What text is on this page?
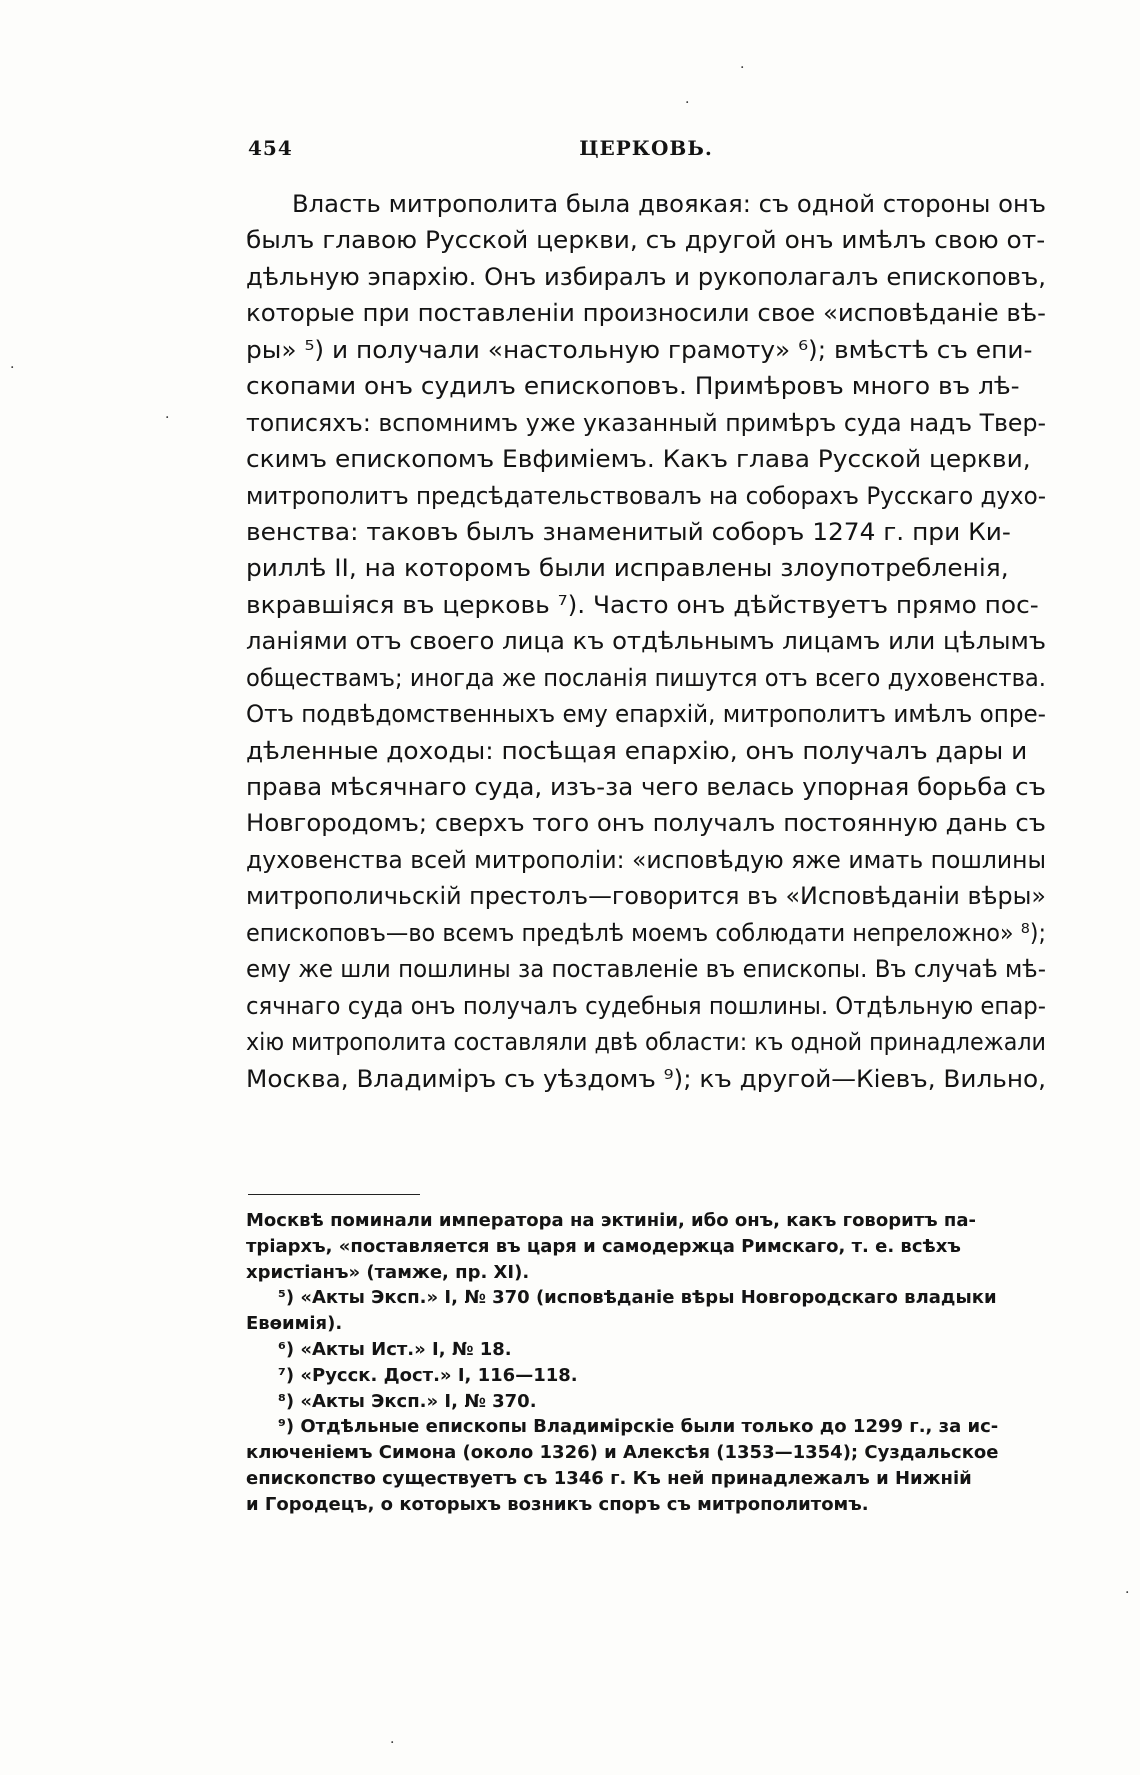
454	ЦЕРКОВЬ.
Власть митрополита была двоякая: съ одной стороны онъ
былъ главою Русской церкви, съ другой онъ имѣлъ свою от-
дѣльную эпархію. Онъ избиралъ и рукополагалъ епископовъ,
которые при поставленіи произносили свое «исповѣданіе вѣ-
ры» ⁵) и получали «настольную грамоту» ⁶); вмѣстѣ съ епи-
скопами онъ судилъ епископовъ. Примѣровъ много въ лѣ-
тописяхъ: вспомнимъ уже указанный примѣръ суда надъ Твер-
скимъ епископомъ Евфиміемъ. Какъ глава Русской церкви,
митрополитъ предсѣдательствовалъ на соборахъ Русскаго духо-
венства: таковъ былъ знаменитый соборъ 1274 г. при Ки-
риллѣ II, на которомъ были исправлены злоупотребленія,
вкравшіяся въ церковь ⁷). Часто онъ дѣйствуетъ прямо пос-
ланіями отъ своего лица къ отдѣльнымъ лицамъ или цѣлымъ
обществамъ; иногда же посланія пишутся отъ всего духовенства.
Отъ подвѣдомственныхъ ему епархій, митрополитъ имѣлъ опре-
дѣленные доходы: посѣщая епархію, онъ получалъ дары и
права мѣсячнаго суда, изъ-за чего велась упорная борьба съ
Новгородомъ; сверхъ того онъ получалъ постоянную дань съ
духовенства всей митрополіи: «исповѣдую яже имать пошлины
митрополичьскій престолъ—говорится въ «Исповѣданіи вѣры»
епископовъ—во всемъ предѣлѣ моемъ соблюдати непреложно» ⁸);
ему же шли пошлины за поставленіе въ епископы. Въ случаѣ мѣ-
сячнаго суда онъ получалъ судебныя пошлины. Отдѣльную епар-
хію митрополита составляли двѣ области: къ одной принадлежали
Москва, Владиміръ съ уѣздомъ ⁹); къ другой—Кіевъ, Вильно,
Москвѣ поминали императора на эктиніи, ибо онъ, какъ говоритъ па-
тріархъ, «поставляется въ царя и самодержца Римскаго, т. е. всѣхъ
христіанъ» (тамже, пр. XI).
⁵) «Акты Эксп.» I, № 370 (исповѣданіе вѣры Новгородскаго владыки
Евѳимія).
⁶) «Акты Ист.» I, № 18.
⁷) «Русск. Дост.» I, 116—118.
⁸) «Акты Эксп.» I, № 370.
⁹) Отдѣльные епископы Владимірскіе были только до 1299 г., за ис-
ключеніемъ Симона (около 1326) и Алексѣя (1353—1354); Суздальское
епископство существуетъ съ 1346 г. Къ ней принадлежалъ и Нижній
и Городецъ, о которыхъ возникъ споръ съ митрополитомъ.
·
·
·
·
·
·
